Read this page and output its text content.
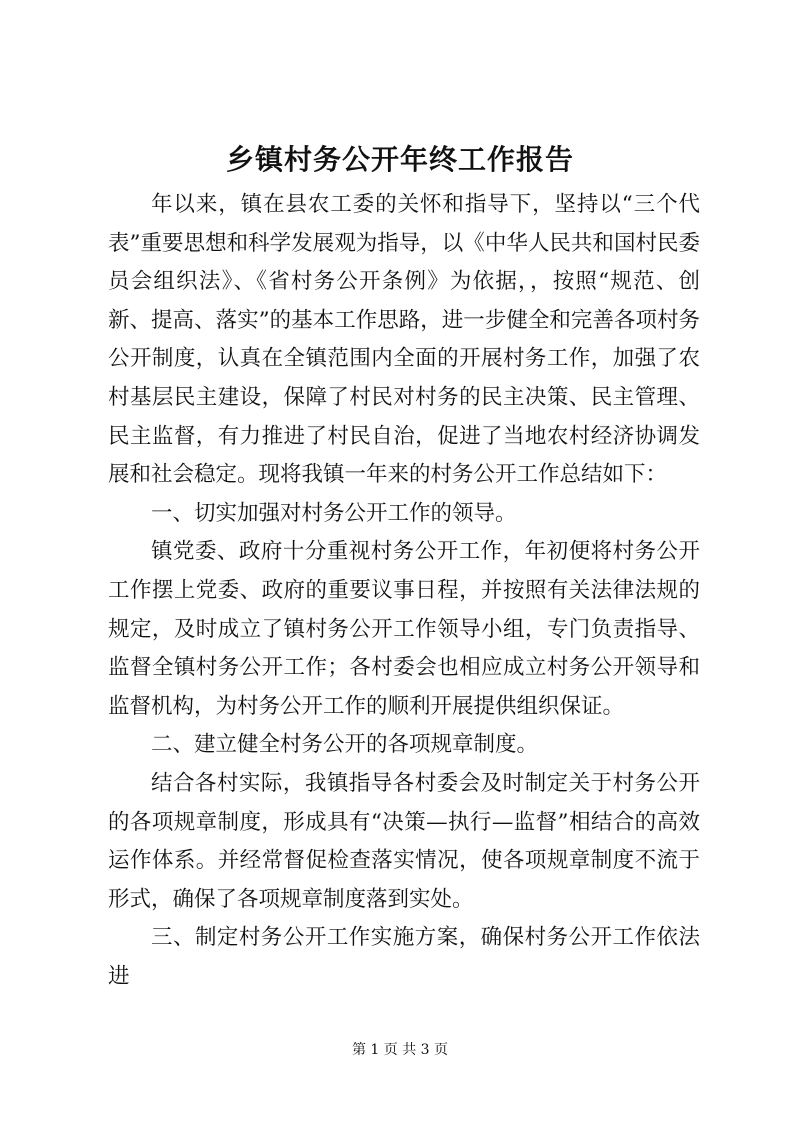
乡镇村务公开年终工作报告

年以来，镇在县农工委的关怀和指导下，坚持以“三个代表”重要思想和科学发展观为指导，以《中华人民共和国村民委员会组织法》、《省村务公开条例》为依据，，按照“规范、创新、提高、落实”的基本工作思路，进一步健全和完善各项村务公开制度，认真在全镇范围内全面的开展村务工作，加强了农村基层民主建设，保障了村民对村务的民主决策、民主管理、民主监督，有力推进了村民自治，促进了当地农村经济协调发展和社会稳定。现将我镇一年来的村务公开工作总结如下：

一、切实加强对村务公开工作的领导。

镇党委、政府十分重视村务公开工作，年初便将村务公开工作摆上党委、政府的重要议事日程，并按照有关法律法规的规定，及时成立了镇村务公开工作领导小组，专门负责指导、监督全镇村务公开工作；各村委会也相应成立村务公开领导和监督机构，为村务公开工作的顺利开展提供组织保证。

二、建立健全村务公开的各项规章制度。

结合各村实际，我镇指导各村委会及时制定关于村务公开的各项规章制度，形成具有“决策—执行—监督”相结合的高效运作体系。并经常督促检查落实情况，使各项规章制度不流于形式，确保了各项规章制度落到实处。

三、制定村务公开工作实施方案，确保村务公开工作依法进

第 1 页 共 3 页
